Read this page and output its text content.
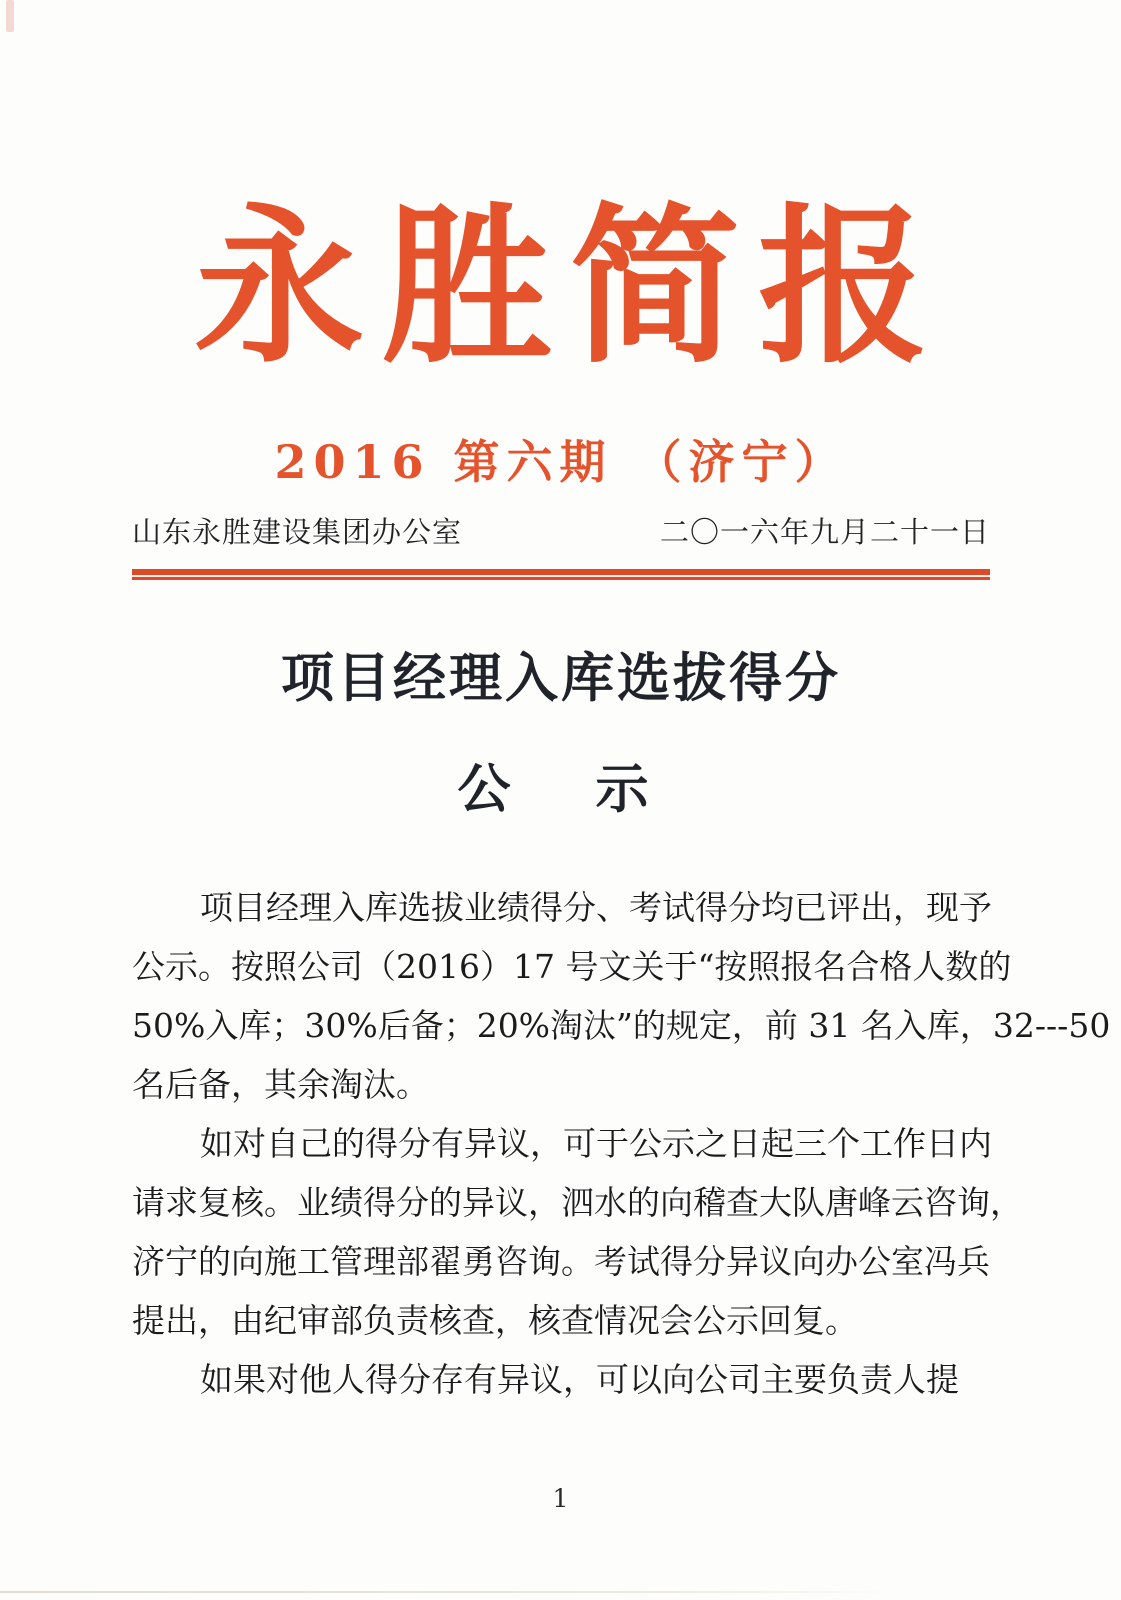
永胜简报
2016 第六期 （济宁）
山东永胜建设集团办公室	二〇一六年九月二十一日
项目经理入库选拔得分
公　示
项目经理入库选拔业绩得分、考试得分均已评出，现予
公示。按照公司（2016）17 号文关于“按照报名合格人数的
50%入库；30%后备；20%淘汰”的规定，前 31 名入库，32---50
名后备，其余淘汰。
如对自己的得分有异议，可于公示之日起三个工作日内
请求复核。业绩得分的异议，泗水的向稽查大队唐峰云咨询，
济宁的向施工管理部翟勇咨询。考试得分异议向办公室冯兵
提出，由纪审部负责核查，核查情况会公示回复。
如果对他人得分存有异议，可以向公司主要负责人提
1
